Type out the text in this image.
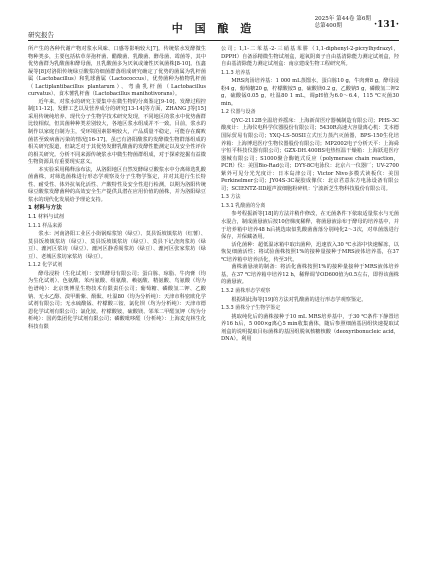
研究报告	中 国 酿 造
2025年 第44卷 第6期
总第400期	·131·

所产生的各种代谢产物对浆水风味、口感等影响较大[7]。传统浆水发酵微生物种类多，主要包括枯草芽孢杆菌、醋酸菌、乳酸菌、酵母菌、霉菌等，其中优势菌群为乳酸菌和酵母菌，且乳酸菌多为厌氧或兼性厌氧菌株[8-10]。伍鑫凝等[8]对洛阳传统绿豆酸浆的细菌群落组成研究确定了优势的菌属为乳杆菌属（Lactobacillus）和乳球菌属（Lactococcus），优势菌种为植物乳杆菌（Lactiplantibacillus plantarum）、弯曲乳杆菌（Lactobacillus curvatus）、食木薯乳杆菌（Lactobacillus manihotivorans）。

近年来，对浆水的研究主要集中在微生物的分离鉴定[9-10]、发酵过程控制[11-12]、发酵工艺以及营养成分的研究[13-14]等方面，ZHANG J等[15]采用传统纯培养、现代分子生物学技术研究发现，不同地区的浆水中优势菌群比较相似，但其菌种种类差别较大，各地区浆水组成并不一致。目前，浆水的制作以家庭自制为主，受环境因素影响较大，产品质量不稳定，可能存在腐败菌甚至致病菌污染的情况[16-17]。虽已有洛阳酸浆的发酵微生物群落组成的相关研究报道，但缺乏对于其优势发酵乳酸菌的发酵性能测定以及安全性评价的相关研究。分析不同来源传统浆水中微生物菌群组成，对于探索挖掘有益微生物资源具有重要现实意义。

本实验采用稀释涂布法，从洛阳地区自然发酵绿豆酸浆水中分离筛选乳酸菌菌株，对筛选菌株进行形态学观察及分子生物学鉴定，并对其进行生长特性、耐受性、体外抗氧化活性、产酸特性及安全性进行检测，以期为洛阳传统绿豆酸浆发酵菌种的高效安全生产提供具潜在应用价值的菌株，并为洛阳绿豆浆水的现代化发展给予理论支持。

1 材料与方法
1.1 材料与试剂
1.1.1 样品来源

浆水：河南洛阳工业区小街锅贴浆馆（绿豆）、莫县饭坡镇浆坊（红薯）、莫县饭坡镇浆坊（绿豆）、莫县饭坡镇浆坊（绿豆）、莫县下记浇肉浆坊（绿豆）、瀍河区浆坊（绿豆）、瀍河区静香阁浆坊（绿豆）、瀍河区张家浆坊（绿豆）、老城区浆坊家浆坊（绿豆）。

1.1.2 化学试剂

酵母浸粉（生化试剂）：安琪酵母有限公司；蛋白胨、琼脂、牛肉膏（均为生化试剂）、色氨酸、苯丙氨酸、组氨酸、赖氨酸、精氨酸、鸟氨酸（均为色谱纯）：北京奥博星生物技术有限责任公司；葡萄糖、磷酸氢二钾、乙酸钠、无水乙醇、溴甲酚紫、酚酞、吐温80（均为分析纯）：天津市科密欧化学试剂有限公司；无水硫酸锰、柠檬酸三铵、氯化钡（均为分析纯）：天津市德恩化学试剂有限公司；氯化铵，柠檬酸铵，硫酸镁、邻苯二甲醛氢钾（均为分析纯）：国药集团化学试剂有限公司；磷酸吡哆醛（分析纯）：上海麦克林生化科技有限

公司；1,1-二苯基-2-三硝基苯肼（1,1-diphenyl-2-picrylhydrazyl，DPPH）自备添精微生物试剂盒，超氧阴离子自由基清除能力测定试剂盒，羟自由基清除能力测定试剂盒：南京建成生物工程研究所。

1.1.3 培养基

MRS肉汤培养基：1 000 mL蒸馏水，蛋白胨10 g，牛肉膏8 g，酵母浸粉4 g，葡萄糖20 g，柠檬酸铵5 g，硫酸镁0.2 g，乙酸钠5 g，磷酸氢二钾2 g，硫酸锰0.05 g，吐温80 1 mL，调pH值为6.0～6.4，115 ℃灭菌30 min。

1.2 仪器与设备

QYC-2112B全温培养摇床：上海新苗医疗器械制造有限公司；PHS-3C酸度计：上海仪电科学仪器股份有限公司；5430R高速大容量离心机：艾本德国际贸易有限公司；YXQ-LS-50SII立式压力蒸汽灭菌器，BPS-150生化培养箱：上海博迅医疗生物仪器股份有限公司；MP2002电子分析天平：上海舜宇恒平科技仪器有限公司；GZX-DH.400BS电热恒温干燥箱：上海跃进医疗器械有限公司；S1000聚合酶链式反应（polymerase chain reaction，PCR）仪：美国Bio-Rad公司；DYY-8C电泳仪：北京六一仪器厂；UV-2700紫外可见分光光度计：日本岛津公司；Victor Nivo多模式读板仪：美国Perkinelmer公司；JY04S-3C凝胶成像仪：北京君意东方电泳设备有限公司；SCIENTZ-IID超声波细胞粉碎机：宁波新芝生物科技股份有限公司。

1.3 方法
1.3.1 乳酸菌的分离

参考程振新等[18]的方法并稍作修改，在无菌条件下依取适量浆水与无菌水混合，制成菌悬液后按10倍梯度稀释，将菌悬液涂布于酵母的培养基中，并于培养箱中培养48 h后挑选取似乳酸菌菌落分别纯化2～3次，对单菌落进行保存，并保藏备用。

活化菌种：超低温冰箱中取出菌种，迅速放入30 ℃水浴中快速解冻，以恢复细菌活性；将试验菌株按照1%的接种量接种于MRS液体培养基，在37 ℃培养箱中培养活化，传至3代。

菌株菌悬液的制备：将活化菌株按照1%的接种量接种于MRS液体培养基，在37 ℃培养箱中培养12 h，稀释调节OD600值为0.5左右，即得该菌株的菌悬液。

1.3.2 菌株形态学观察

根据胡此海等[19]的方法对乳酸菌的进行形态学观察鉴定。

1.3.3 菌株分子生物学鉴定

挑取纯化后的菌株接种于10 mL MRS培养基中，于30 ℃条件下静置培养16 h后，5 000×g离心5 min收集菌体，随后参照细菌基因组快速提取试剂盒的说明提取目标菌株的基因组脱氧核糖核酸（deoxyribonucleic acid，DNA）。利用
